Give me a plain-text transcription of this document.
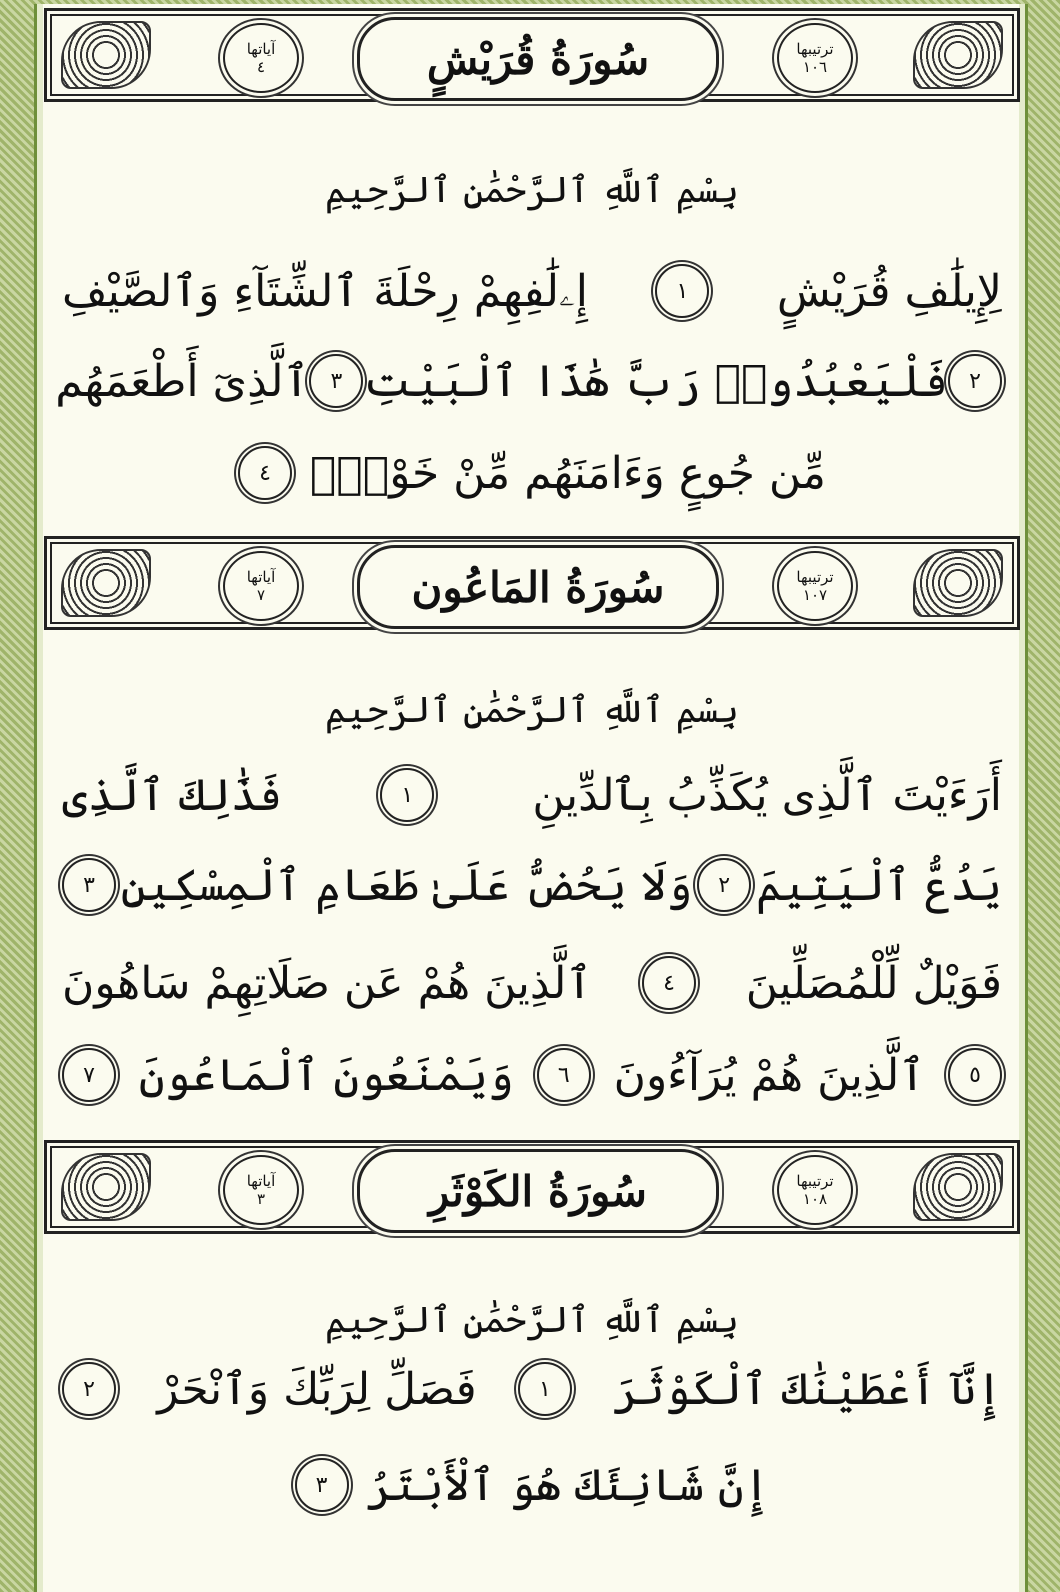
آياتها
٤	سُورَةُ قُرَيْشٍ	ترتيبها
١٠٦
بِسْمِ ٱللَّهِ ٱلرَّحْمَٰنِ ٱلرَّحِيمِ
لِإِيلَٰفِ قُرَيْشٍ
١
إِۦلَٰفِهِمْ رِحْلَةَ ٱلشِّتَآءِ وَٱلصَّيْفِ
٢
فَلْيَعْبُدُوا۟ رَبَّ هَٰذَا ٱلْبَيْتِ
٣
ٱلَّذِىٓ أَطْعَمَهُم
مِّن جُوعٍ وَءَامَنَهُم مِّنْ خَوْفٍۭ
٤
آياتها
٧	سُورَةُ المَاعُون	ترتيبها
١٠٧
بِسْمِ ٱللَّهِ ٱلرَّحْمَٰنِ ٱلرَّحِيمِ
أَرَءَيْتَ ٱلَّذِى يُكَذِّبُ بِٱلدِّينِ
١
فَذَٰلِكَ ٱلَّذِى
يَدُعُّ ٱلْيَتِيمَ
٢
وَلَا يَحُضُّ عَلَىٰ طَعَامِ ٱلْمِسْكِينِ
٣
فَوَيْلٌ لِّلْمُصَلِّينَ
٤
ٱلَّذِينَ هُمْ عَن صَلَاتِهِمْ سَاهُونَ
٥
ٱلَّذِينَ هُمْ يُرَآءُونَ
٦
وَيَمْنَعُونَ ٱلْمَاعُونَ
٧
آياتها
٣	سُورَةُ الكَوْثَرِ	ترتيبها
١٠٨
بِسْمِ ٱللَّهِ ٱلرَّحْمَٰنِ ٱلرَّحِيمِ
إِنَّآ أَعْطَيْنَٰكَ ٱلْكَوْثَرَ
١
فَصَلِّ لِرَبِّكَ وَٱنْحَرْ
٢
إِنَّ شَانِئَكَ هُوَ ٱلْأَبْتَرُ
٣
